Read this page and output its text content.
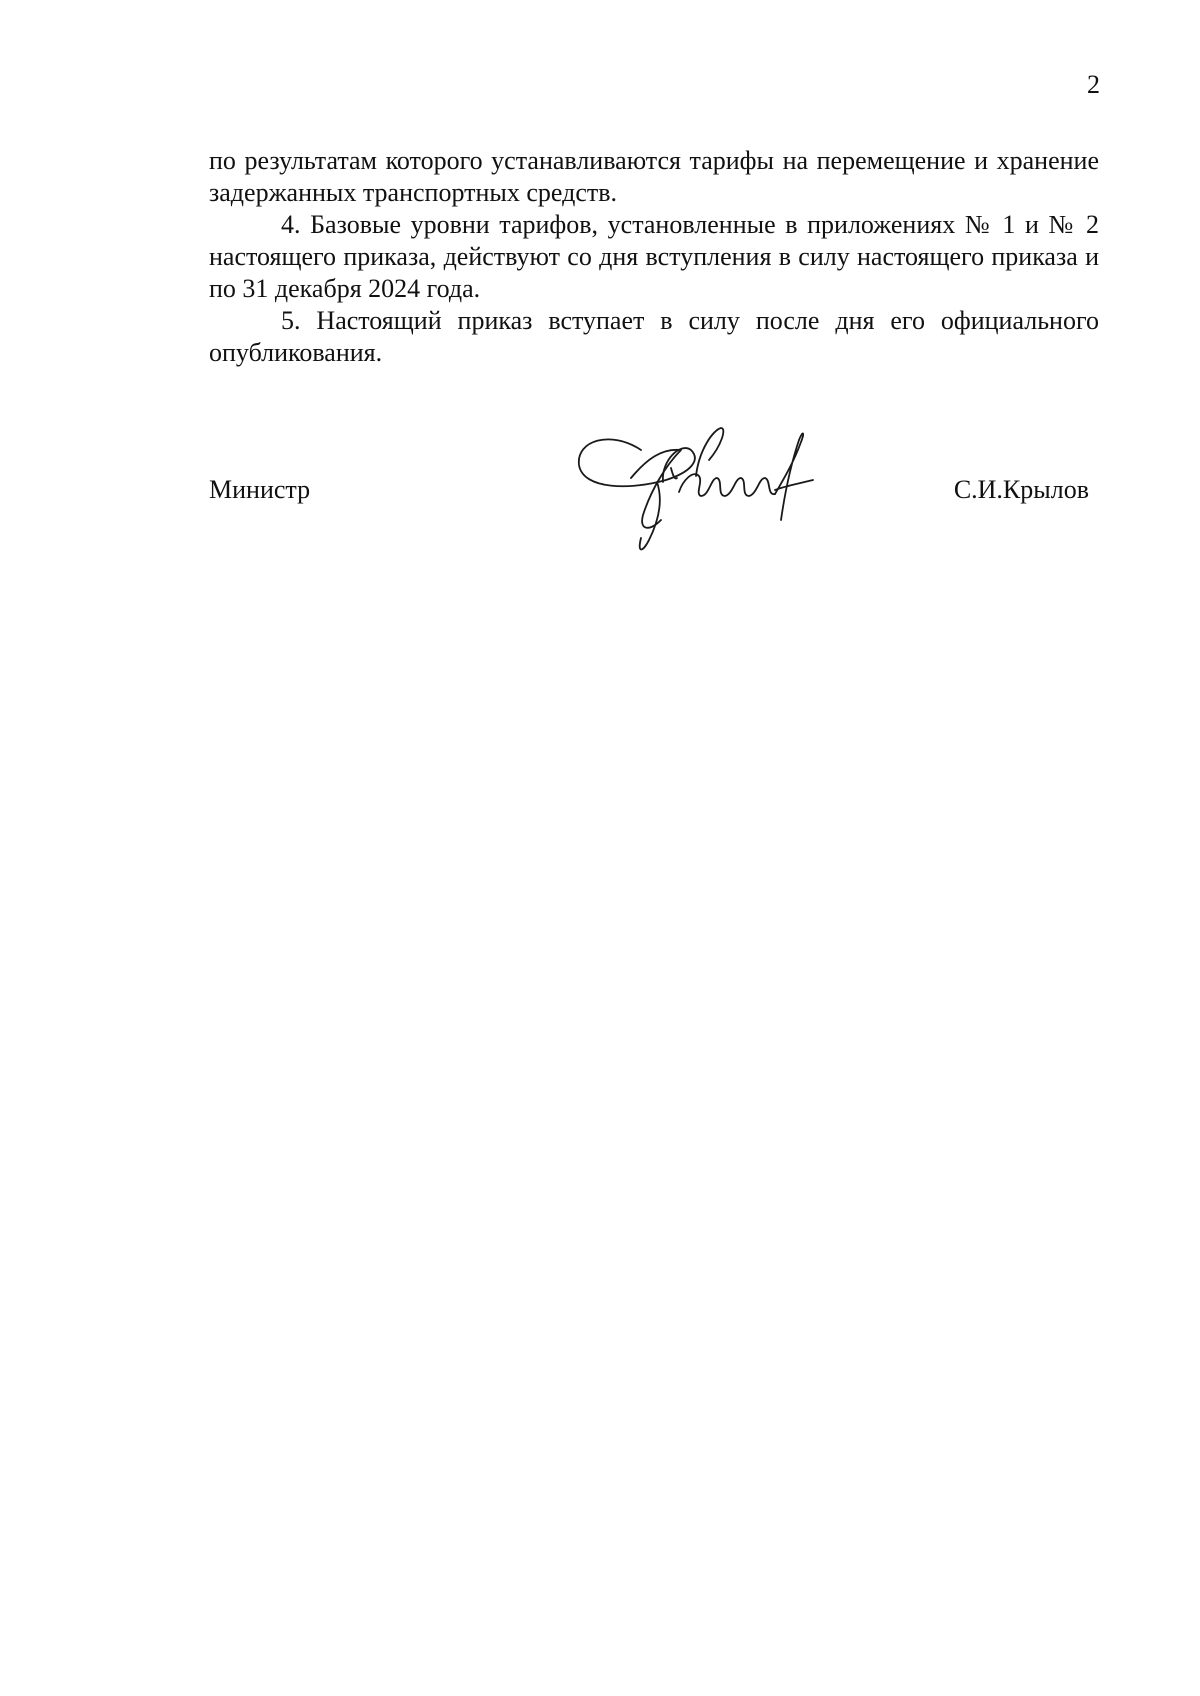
2

по результатам которого устанавливаются тарифы на перемещение и хранение задержанных транспортных средств.

4. Базовые уровни тарифов, установленные в приложениях № 1 и № 2 настоящего приказа, действуют со дня вступления в силу настоящего приказа и по 31 декабря 2024 года.

5. Настоящий приказ вступает в силу после дня его официального опубликования.

Министр	С.И.Крылов
